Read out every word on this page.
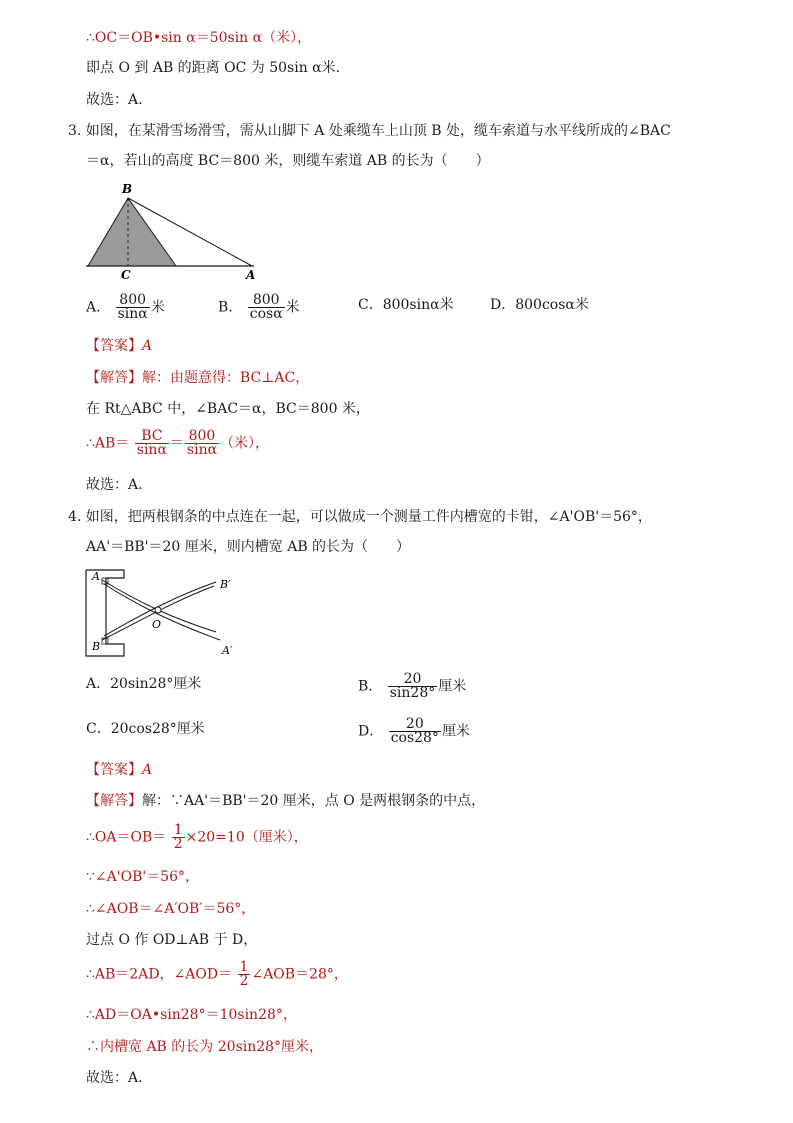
∴OC＝OB•sin α＝50sin α（米），
即点 O 到 AB 的距离 OC 为 50sin α米.
故选：A.
3. 如图，在某滑雪场滑雪，需从山脚下 A 处乘缆车上山顶 B 处，缆车索道与水平线所成的∠BAC
＝α，若山的高度 BC＝800 米，则缆车索道 AB 的长为（　　）
B
C	A
A． $\frac{800}{\sin\alpha}$ 米	B． $\frac{800}{\cos\alpha}$ 米	C．800sinα米	D．800cosα米
【答案】A
【解答】解：由题意得：BC⊥AC，
在 Rt△ABC 中，∠BAC＝α，BC＝800 米，
∴AB＝ $\frac{BC}{\sin\alpha} = \frac{800}{\sin\alpha}$ （米），
故选：A.
4. 如图，把两根钢条的中点连在一起，可以做成一个测量工件内槽宽的卡钳，∠A'OB'＝56°，
AA'＝BB'＝20 厘米，则内槽宽 AB 的长为（　　）
A
B
O
B′
A′
A．20sin28°厘米	B． $\frac{20}{\sin 28^\circ}$ 厘米
C．20cos28°厘米	D． $\frac{20}{\cos 28^\circ}$ 厘米
【答案】A
【解答】解：∵AA'＝BB'＝20 厘米，点 O 是两根钢条的中点，
∴OA＝OB＝ $\frac{1}{2} \times 20=10$（厘米），
∵∠A'OB'＝56°，
∴∠AOB＝∠A′OB′＝56°，
过点 O 作 OD⊥AB 于 D，
∴AB＝2AD，∠AOD＝ $\frac{1}{2}$ ∠AOB＝28°，
∴AD＝OA•sin28°＝10sin28°，
∴内槽宽 AB 的长为 20sin28°厘米，
故选：A.
